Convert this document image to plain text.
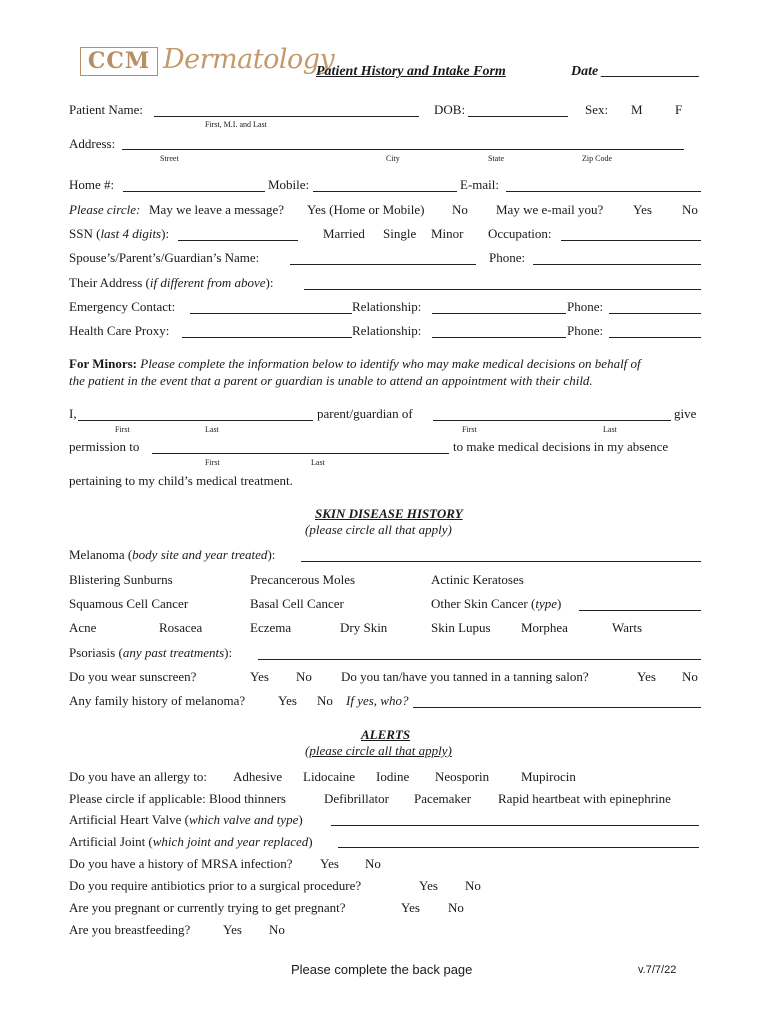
CCM Dermatology
Patient History and Intake Form	Date ______________
Patient Name:
First, M.I. and Last
DOB:	Sex: M F
Address:
Street	City	State	Zip Code
Home #:	Mobile:	E-mail:
Please circle: May we leave a message? Yes (Home or Mobile) No May we e-mail you? Yes No
SSN (last 4 digits):	Married Single Minor Occupation:
Spouse’s/Parent’s/Guardian’s Name:	Phone:
Their Address (if different from above):
Emergency Contact:	Relationship:	Phone:
Health Care Proxy:	Relationship:	Phone:
For Minors: Please complete the information below to identify who may make medical decisions on behalf of
the patient in the event that a parent or guardian is unable to attend an appointment with their child.
I,
First	Last
parent/guardian of
First	Last
give
permission to
First	Last
to make medical decisions in my absence
pertaining to my child’s medical treatment.
SKIN DISEASE HISTORY
(please circle all that apply)
Melanoma (body site and year treated):
Blistering Sunburns	Precancerous Moles	Actinic Keratoses
Squamous Cell Cancer	Basal Cell Cancer	Other Skin Cancer (type)
Acne	Rosacea	Eczema	Dry Skin	Skin Lupus Morphea	Warts
Psoriasis (any past treatments):
Do you wear sunscreen?	Yes No Do you tan/have you tanned in a tanning salon?	Yes No
Any family history of melanoma?	Yes No If yes, who?
ALERTS
(please circle all that apply)
Do you have an allergy to: Adhesive Lidocaine Iodine Neosporin Mupirocin
Please circle if applicable: Blood thinners	Defibrillator Pacemaker Rapid heartbeat with epinephrine
Artificial Heart Valve (which valve and type)
Artificial Joint (which joint and year replaced)
Do you have a history of MRSA infection? Yes No
Do you require antibiotics prior to a surgical procedure?	Yes No
Are you pregnant or currently trying to get pregnant?	Yes No
Are you breastfeeding?	Yes No
Please complete the back page	v.7/7/22
